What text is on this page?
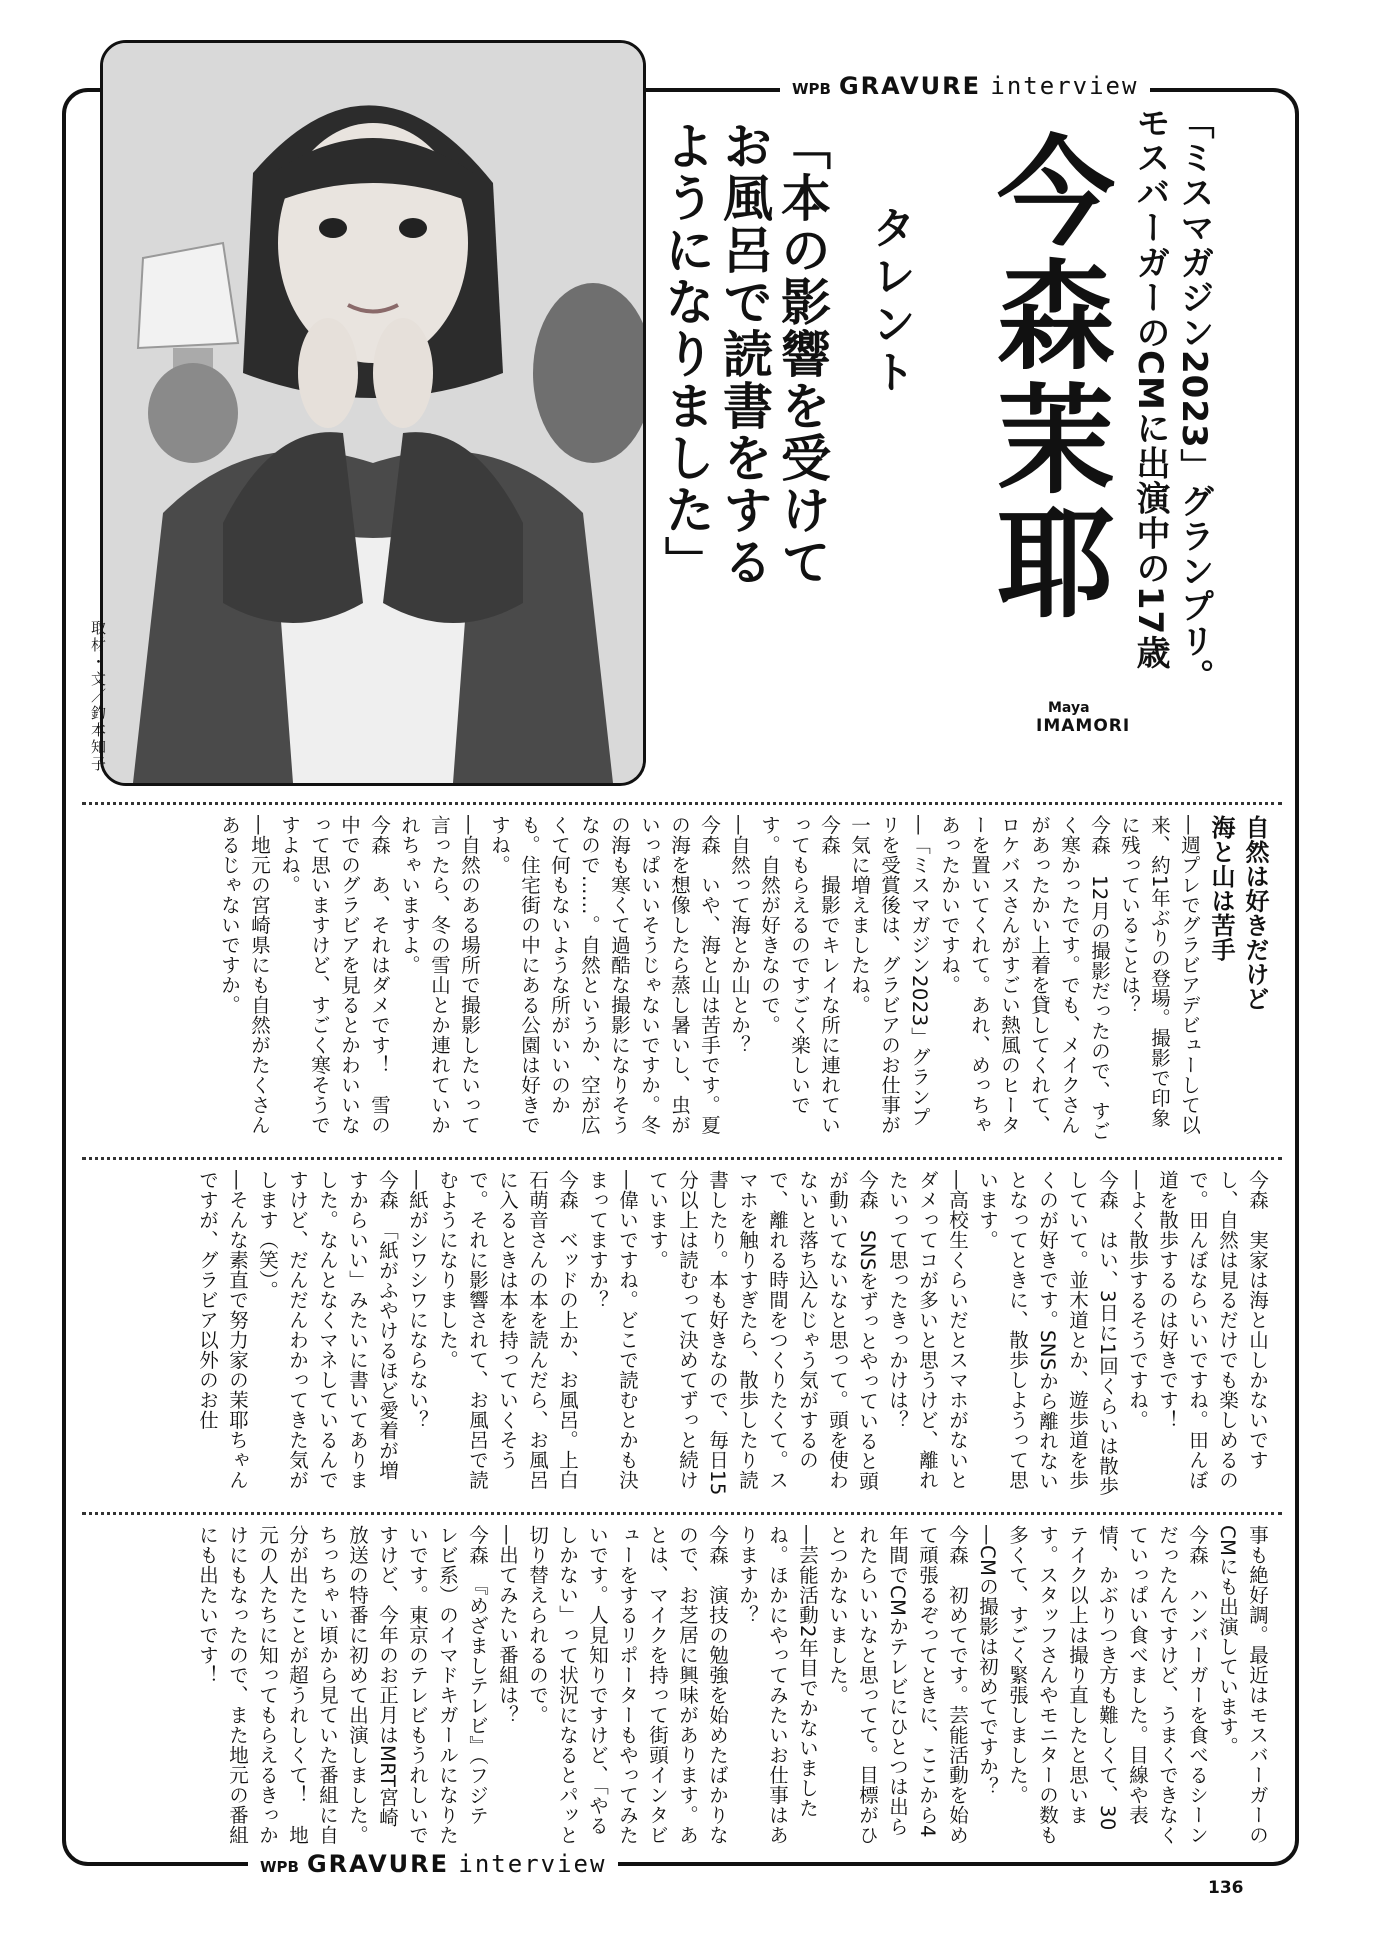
WPB GRAVURE interview
取材・文／釣本知子
「ミスマガジン2023」グランプリ。
モスバーガーのCMに出演中の17歳
今森茉耶
Maya
IMAMORI
タレント
「本の影響を受けて
お風呂で読書をする
ようになりました」
自然は好きだけど
海と山は苦手
―週プレでグラビアデビューして以来、約1年ぶりの登場。撮影で印象に残っていることは？
今森　12月の撮影だったので、すごく寒かったです。でも、メイクさんがあったかい上着を貸してくれて、ロケバスさんがすごい熱風のヒーターを置いてくれて。あれ、めっちゃあったかいですね。
―「ミスマガジン2023」グランプリを受賞後は、グラビアのお仕事が一気に増えましたね。
今森　撮影でキレイな所に連れていってもらえるのですごく楽しいです。自然が好きなので。
―自然って海とか山とか？
今森　いや、海と山は苦手です。夏の海を想像したら蒸し暑いし、虫がいっぱいいそうじゃないですか。冬の海も寒くて過酷な撮影になりそうなので……。自然というか、空が広くて何もないような所がいいのかも。住宅街の中にある公園は好きですね。
―自然のある場所で撮影したいって言ったら、冬の雪山とか連れていかれちゃいますよ。
今森　あ、それはダメです！　雪の中でのグラビアを見るとかわいいなって思いますけど、すごく寒そうですよね。
―地元の宮崎県にも自然がたくさんあるじゃないですか。
今森　実家は海と山しかないですし、自然は見るだけでも楽しめるので。田んぼならいいですね。田んぼ道を散歩するのは好きです！
―よく散歩するそうですね。
今森　はい、3日に1回くらいは散歩していて。並木道とか、遊歩道を歩くのが好きです。SNSから離れないとなってときに、散歩しようって思います。
―高校生くらいだとスマホがないとダメってコが多いと思うけど、離れたいって思ったきっかけは？
今森　SNSをずっとやっていると頭が動いてないなと思って。頭を使わないと落ち込んじゃう気がするので、離れる時間をつくりたくて。スマホを触りすぎたら、散歩したり読書したり。本も好きなので、毎日15分以上は読むって決めてずっと続けています。
―偉いですね。どこで読むとかも決まってますか？
今森　ベッドの上か、お風呂。上白石萌音さんの本を読んだら、お風呂に入るときは本を持っていくそうで。それに影響されて、お風呂で読むようになりました。
―紙がシワシワにならない？
今森　「紙がふやけるほど愛着が増すからいい」みたいに書いてありました。なんとなくマネしているんですけど、だんだんわかってきた気がします（笑）。
―そんな素直で努力家の茉耶ちゃんですが、グラビア以外のお仕
事も絶好調。最近はモスバーガーのCMにも出演しています。
今森　ハンバーガーを食べるシーンだったんですけど、うまくできなくていっぱい食べました。目線や表情、かぶりつき方も難しくて、30テイク以上は撮り直したと思います。スタッフさんやモニターの数も多くて、すごく緊張しました。
―CMの撮影は初めてですか？
今森　初めてです。芸能活動を始めて頑張るぞってときに、ここから4年間でCMかテレビにひとつは出られたらいいなと思ってて。目標がひとつかないました。
―芸能活動2年目でかないましたね。ほかにやってみたいお仕事はありますか？
今森　演技の勉強を始めたばかりなので、お芝居に興味があります。あとは、マイクを持って街頭インタビューをするリポーターもやってみたいです。人見知りですけど、「やるしかない」って状況になるとパッと切り替えられるので。
―出てみたい番組は？
今森　『めざましテレビ』（フジテレビ系）のイマドキガールになりたいです。東京のテレビもうれしいですけど、今年のお正月はMRT宮崎放送の特番に初めて出演しました。ちっちゃい頃から見ていた番組に自分が出たことが超うれしくて！　地元の人たちに知ってもらえるきっかけにもなったので、また地元の番組にも出たいです！
WPB GRAVURE interview
136
